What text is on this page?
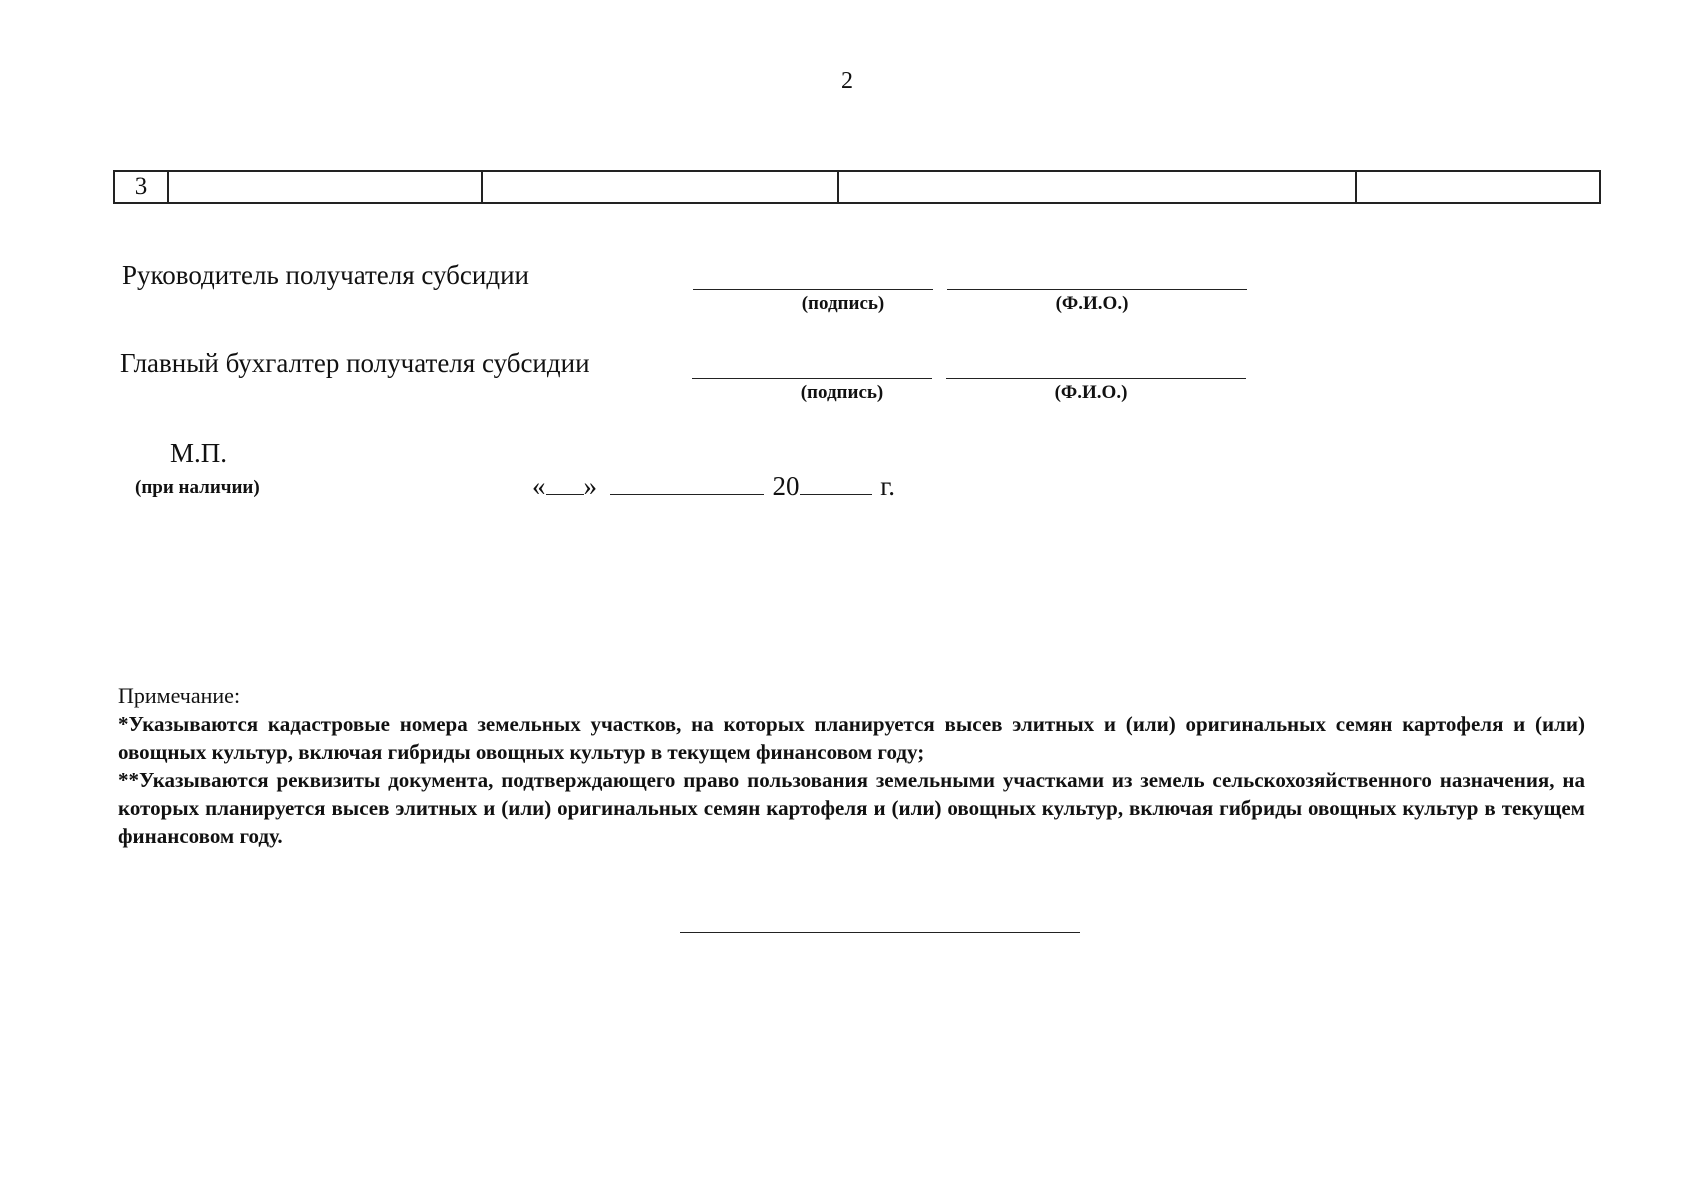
2
3				
Руководитель получателя субсидии
(подпись)	(Ф.И.О.)
Главный бухгалтер получателя субсидии
(подпись)	(Ф.И.О.)
М.П.
(при наличии)	« »	20	г.
Примечание:
*Указываются кадастровые номера земельных участков, на которых планируется высев элитных и (или) оригинальных семян картофеля и (или) овощных культур, включая гибриды овощных культур в текущем финансовом году;
**Указываются реквизиты документа, подтверждающего право пользования земельными участками из земель сельскохозяйственного назначения, на которых планируется высев элитных и (или) оригинальных семян картофеля и (или) овощных культур, включая гибриды овощных культур в текущем финансовом году.
